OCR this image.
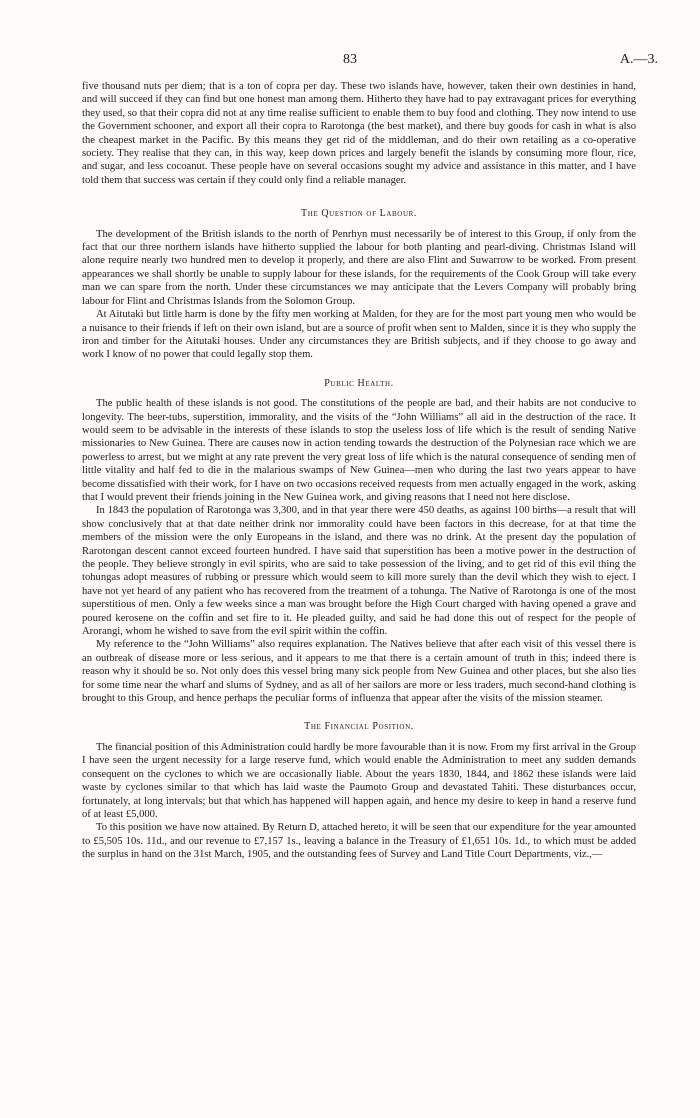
83	A.—3.

five thousand nuts per diem; that is a ton of copra per day. These two islands have, however, taken their own destinies in hand, and will succeed if they can find but one honest man among them. Hitherto they have had to pay extravagant prices for everything they used, so that their copra did not at any time realise sufficient to enable them to buy food and clothing. They now intend to use the Government schooner, and export all their copra to Rarotonga (the best market), and there buy goods for cash in what is also the cheapest market in the Pacific. By this means they get rid of the middleman, and do their own retailing as a co-operative society. They realise that they can, in this way, keep down prices and largely benefit the islands by consuming more flour, rice, and sugar, and less cocoanut. These people have on several occasions sought my advice and assistance in this matter, and I have told them that success was certain if they could only find a reliable manager.

The Question of Labour.

The development of the British islands to the north of Penrhyn must necessarily be of interest to this Group, if only from the fact that our three northern islands have hitherto supplied the labour for both planting and pearl-diving. Christmas Island will alone require nearly two hundred men to develop it properly, and there are also Flint and Suwarrow to be worked. From present appearances we shall shortly be unable to supply labour for these islands, for the requirements of the Cook Group will take every man we can spare from the north. Under these circumstances we may anticipate that the Levers Company will probably bring labour for Flint and Christmas Islands from the Solomon Group.

At Aitutaki but little harm is done by the fifty men working at Malden, for they are for the most part young men who would be a nuisance to their friends if left on their own island, but are a source of profit when sent to Malden, since it is they who supply the iron and timber for the Aitutaki houses. Under any circumstances they are British subjects, and if they choose to go away and work I know of no power that could legally stop them.

Public Health.

The public health of these islands is not good. The constitutions of the people are bad, and their habits are not conducive to longevity. The beer-tubs, superstition, immorality, and the visits of the “John Williams” all aid in the destruction of the race. It would seem to be advisable in the interests of these islands to stop the useless loss of life which is the result of sending Native missionaries to New Guinea. There are causes now in action tending towards the destruction of the Polynesian race which we are powerless to arrest, but we might at any rate prevent the very great loss of life which is the natural consequence of sending men of little vitality and half fed to die in the malarious swamps of New Guinea—men who during the last two years appear to have become dissatisfied with their work, for I have on two occasions received requests from men actually engaged in the work, asking that I would prevent their friends joining in the New Guinea work, and giving reasons that I need not here disclose.

In 1843 the population of Rarotonga was 3,300, and in that year there were 450 deaths, as against 100 births—a result that will show conclusively that at that date neither drink nor immorality could have been factors in this decrease, for at that time the members of the mission were the only Europeans in the island, and there was no drink. At the present day the population of Rarotongan descent cannot exceed fourteen hundred. I have said that superstition has been a motive power in the destruction of the people. They believe strongly in evil spirits, who are said to take possession of the living, and to get rid of this evil thing the tohungas adopt measures of rubbing or pressure which would seem to kill more surely than the devil which they wish to eject. I have not yet heard of any patient who has recovered from the treatment of a tohunga. The Native of Rarotonga is one of the most superstitious of men. Only a few weeks since a man was brought before the High Court charged with having opened a grave and poured kerosene on the coffin and set fire to it. He pleaded guilty, and said he had done this out of respect for the people of Arorangi, whom he wished to save from the evil spirit within the coffin.

My reference to the “John Williams” also requires explanation. The Natives believe that after each visit of this vessel there is an outbreak of disease more or less serious, and it appears to me that there is a certain amount of truth in this; indeed there is reason why it should be so. Not only does this vessel bring many sick people from New Guinea and other places, but she also lies for some time near the wharf and slums of Sydney, and as all of her sailors are more or less traders, much second-hand clothing is brought to this Group, and hence perhaps the peculiar forms of influenza that appear after the visits of the mission steamer.

The Financial Position.

The financial position of this Administration could hardly be more favourable than it is now. From my first arrival in the Group I have seen the urgent necessity for a large reserve fund, which would enable the Administration to meet any sudden demands consequent on the cyclones to which we are occasionally liable. About the years 1830, 1844, and 1862 these islands were laid waste by cyclones similar to that which has laid waste the Paumoto Group and devastated Tahiti. These disturbances occur, fortunately, at long intervals; but that which has happened will happen again, and hence my desire to keep in hand a reserve fund of at least £5,000.

To this position we have now attained. By Return D, attached hereto, it will be seen that our expenditure for the year amounted to £5,505 10s. 11d., and our revenue to £7,157 1s., leaving a balance in the Treasury of £1,651 10s. 1d., to which must be added the surplus in hand on the 31st March, 1905, and the outstanding fees of Survey and Land Title Court Departments, viz.,—
